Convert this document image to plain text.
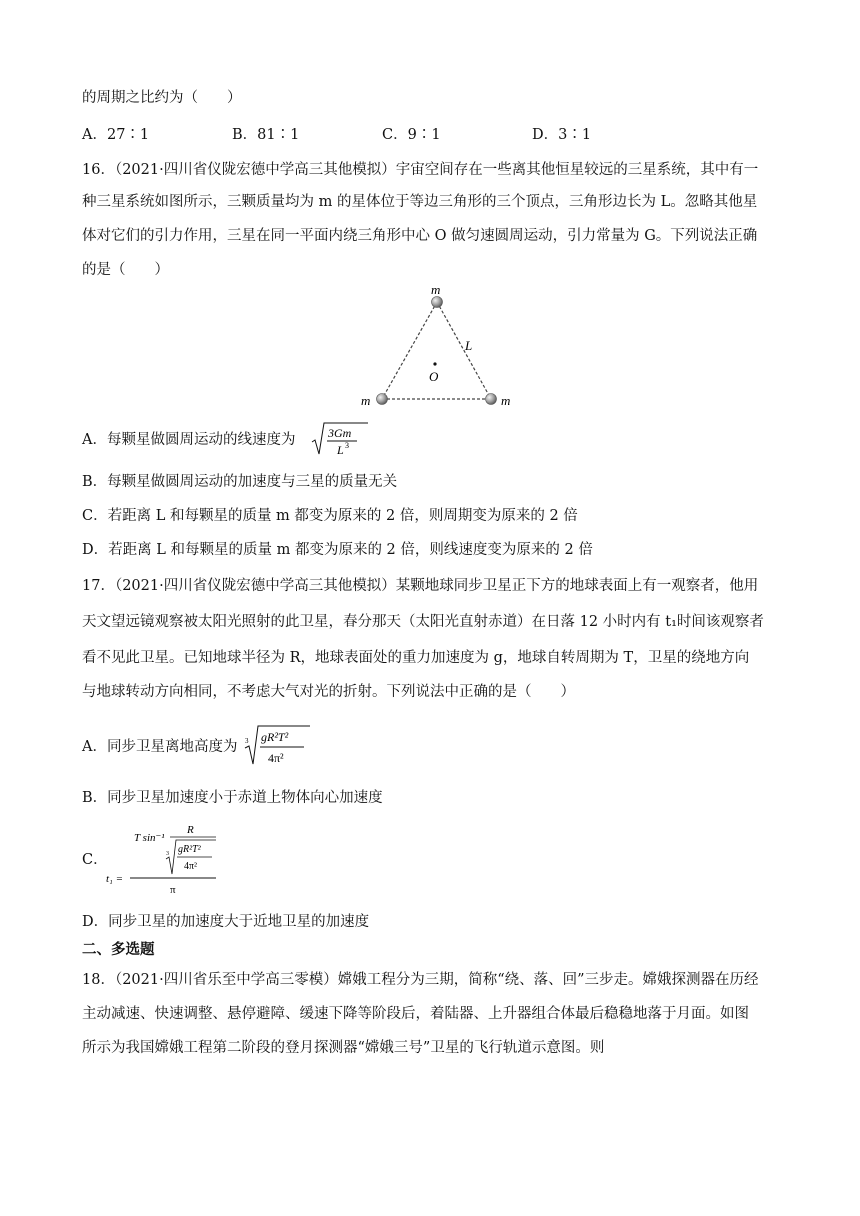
的周期之比约为（　　）
A．27∶1	B．81∶1	C．9∶1	D．3∶1
16．（2021·四川省仪陇宏德中学高三其他模拟）宇宙空间存在一些离其他恒星较远的三星系统，其中有一
种三星系统如图所示，三颗质量均为 m 的星体位于等边三角形的三个顶点，三角形边长为 L。忽略其他星
体对它们的引力作用，三星在同一平面内绕三角形中心 O 做匀速圆周运动，引力常量为 G。下列说法正确
的是（　　）
m
m	m
L
O
A．每颗星做圆周运动的线速度为	3Gm
L 3
B．每颗星做圆周运动的加速度与三星的质量无关
C．若距离 L 和每颗星的质量 m 都变为原来的 2 倍，则周期变为原来的 2 倍
D．若距离 L 和每颗星的质量 m 都变为原来的 2 倍，则线速度变为原来的 2 倍
17．（2021·四川省仪陇宏德中学高三其他模拟）某颗地球同步卫星正下方的地球表面上有一观察者，他用
天文望远镜观察被太阳光照射的此卫星，春分那天（太阳光直射赤道）在日落 12 小时内有 t₁时间该观察者
看不见此卫星。已知地球半径为 R，地球表面处的重力加速度为 g，地球自转周期为 T，卫星的绕地方向
与地球转动方向相同，不考虑大气对光的折射。下列说法中正确的是（　　）
A．同步卫星离地高度为 3 gR²T²
4π²
B．同步卫星加速度小于赤道上物体向心加速度
C．
T sin⁻¹
R
3 gR²T²
4π²
t₁ =
π
D．同步卫星的加速度大于近地卫星的加速度
二、多选题
18．（2021·四川省乐至中学高三零模）嫦娥工程分为三期，简称“绕、落、回”三步走。嫦娥探测器在历经
主动减速、快速调整、悬停避障、缓速下降等阶段后，着陆器、上升器组合体最后稳稳地落于月面。如图
所示为我国嫦娥工程第二阶段的登月探测器“嫦娥三号”卫星的飞行轨道示意图。则
